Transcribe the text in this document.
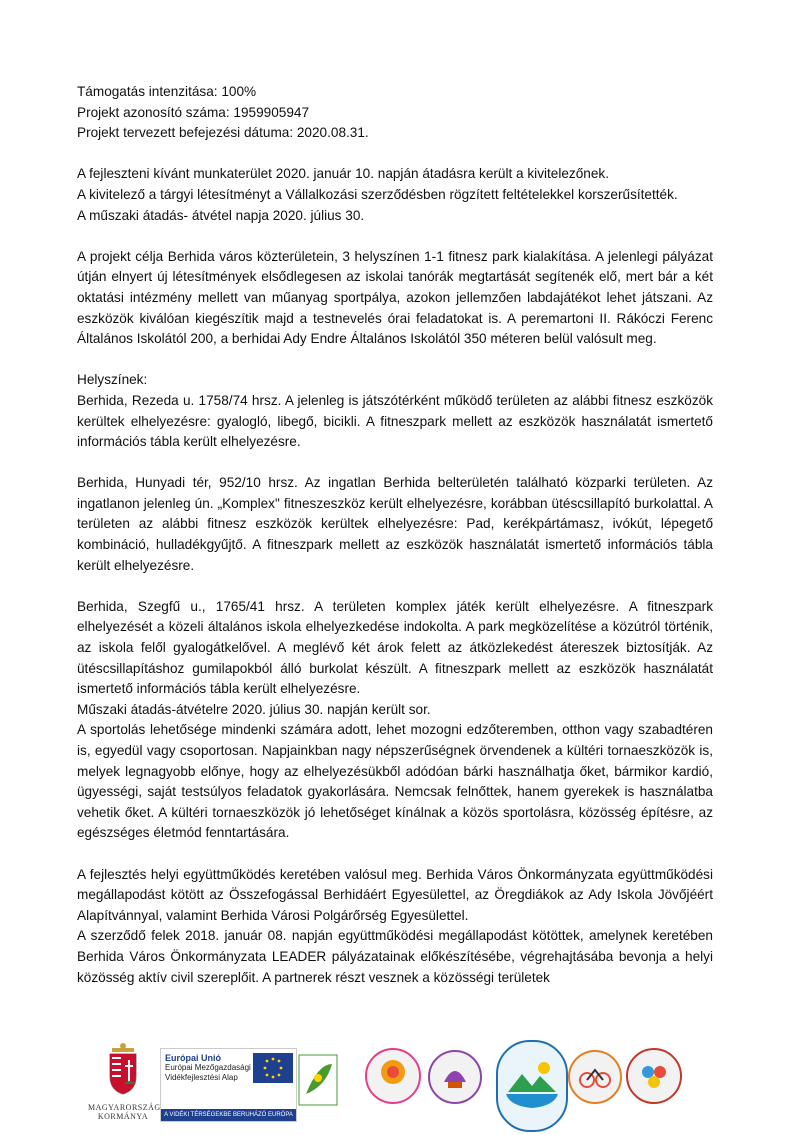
Támogatás intenzitása: 100%
Projekt azonosító száma: 1959905947
Projekt tervezett befejezési dátuma: 2020.08.31.
A fejleszteni kívánt munkaterület 2020. január 10. napján átadásra került a kivitelezőnek.
A kivitelező a tárgyi létesítményt a Vállalkozási szerződésben rögzített feltételekkel korszerűsítették.
A műszaki átadás- átvétel napja 2020. július 30.

A projekt célja Berhida város közterületein, 3 helyszínen 1-1 fitnesz park kialakítása. A jelenlegi pályázat útján elnyert új létesítmények elsődlegesen az iskolai tanórák megtartását segítenék elő, mert bár a két oktatási intézmény mellett van műanyag sportpálya, azokon jellemzően labdajátékot lehet játszani. Az eszközök kiválóan kiegészítik majd a testnevelés órai feladatokat is. A peremartoni II. Rákóczi Ferenc Általános Iskolától 200, a berhidai Ady Endre Általános Iskolától 350 méteren belül valósult meg.

Helyszínek:

Berhida, Rezeda u. 1758/74 hrsz. A jelenleg is játszótérként működő területen az alábbi fitnesz eszközök kerültek elhelyezésre: gyalogló, libegő, bicikli. A fitneszpark mellett az eszközök használatát ismertető információs tábla került elhelyezésre.

Berhida, Hunyadi tér, 952/10 hrsz. Az ingatlan Berhida belterületén található közparki területen. Az ingatlanon jelenleg ún. „Komplex" fitneszeszköz került elhelyezésre, korábban ütéscsillapító burkolattal. A területen az alábbi fitnesz eszközök kerültek elhelyezésre: Pad, kerékpártámasz, ivókút, lépegető kombináció, hulladékgyűjtő. A fitneszpark mellett az eszközök használatát ismertető információs tábla került elhelyezésre.

Berhida, Szegfű u., 1765/41 hrsz. A területen komplex játék került elhelyezésre. A fitneszpark elhelyezését a közeli általános iskola elhelyezkedése indokolta. A park megközelítése a közútról történik, az iskola felől gyalogátkelővel. A meglévő két árok felett az átközlekedést átereszek biztosítják. Az ütéscsillapításhoz gumilapokból álló burkolat készült. A fitneszpark mellett az eszközök használatát ismertető információs tábla került elhelyezésre.

Műszaki átadás-átvételre 2020. július 30. napján került sor.

A sportolás lehetősége mindenki számára adott, lehet mozogni edzőteremben, otthon vagy szabadtéren is, egyedül vagy csoportosan. Napjainkban nagy népszerűségnek örvendenek a kültéri tornaeszközök is, melyek legnagyobb előnye, hogy az elhelyezésükből adódóan bárki használhatja őket, bármikor kardió, ügyességi, saját testsúlyos feladatok gyakorlására. Nemcsak felnőttek, hanem gyerekek is használatba vehetik őket. A kültéri tornaeszközök jó lehetőséget kínálnak a közös sportolásra, közösség építésre, az egészséges életmód fenntartására.

A fejlesztés helyi együttműködés keretében valósul meg. Berhida Város Önkormányzata együttműködési megállapodást kötött az Összefogással Berhidáért Egyesülettel, az Öregdiákok az Ady Iskola Jövőjéért Alapítvánnyal, valamint Berhida Városi Polgárőrség Egyesülettel.

A szerződő felek 2018. január 08. napján együttműködési megállapodást kötöttek, amelynek keretében Berhida Város Önkormányzata LEADER pályázatainak előkészítésébe, végrehajtásába bevonja a helyi közösség aktív civil szereplőit. A partnerek részt vesznek a közösségi területek

MAGYARORSZÁG
KORMÁNYA
Európai Unió
Európai Mezőgazdasági
Vidékfejlesztési Alap
A VIDÉKI TÉRSÉGEKBE BERUHÁZÓ EURÓPA
